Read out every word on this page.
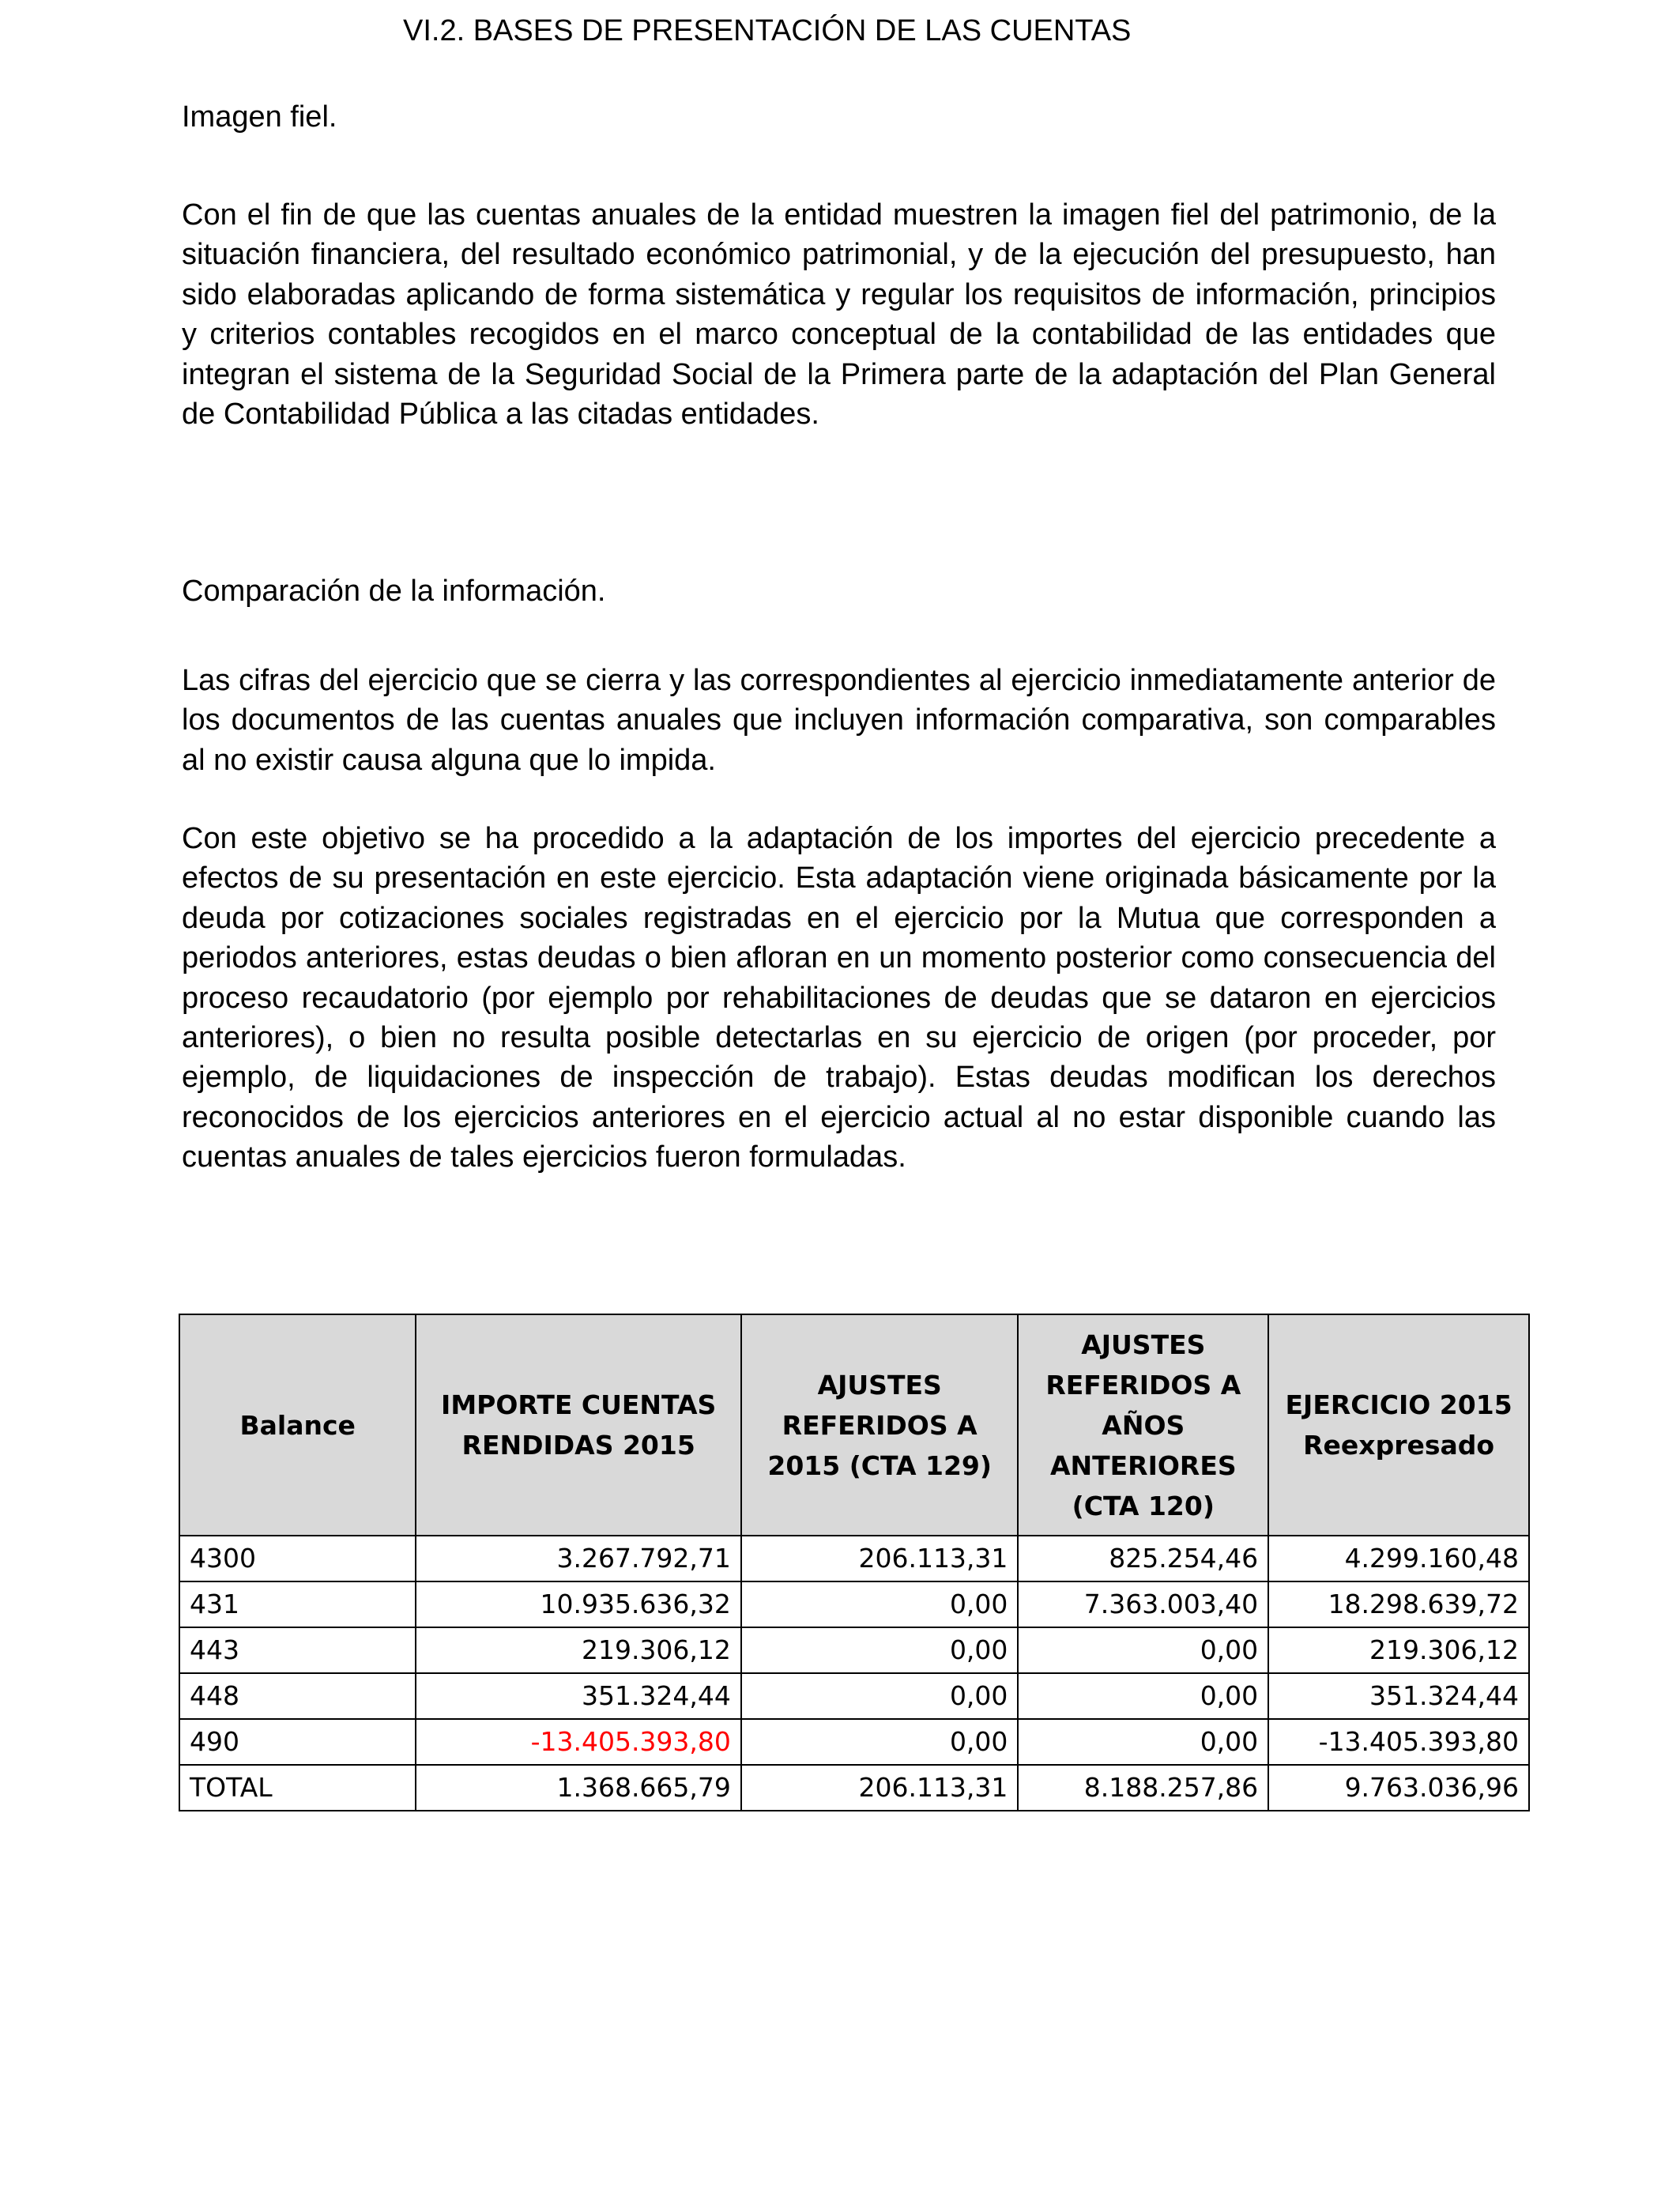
VI.2. BASES DE PRESENTACIÓN DE LAS CUENTAS
Imagen fiel.

Con el fin de que las cuentas anuales de la entidad muestren la imagen fiel del patrimonio, de la situación financiera, del resultado económico patrimonial, y de la ejecución del presupuesto, han sido elaboradas aplicando de forma sistemática y regular los requisitos de información, principios y criterios contables recogidos en el marco conceptual de la contabilidad de las entidades que integran el sistema de la Seguridad Social de la Primera parte de la adaptación del Plan General de Contabilidad Pública a las citadas entidades.

Comparación de la información.

Las cifras del ejercicio que se cierra y las correspondientes al ejercicio inmediatamente anterior de los documentos de las cuentas anuales que incluyen información comparativa, son comparables al no existir causa alguna que lo impida.

Con este objetivo se ha procedido a la adaptación de los importes del ejercicio precedente a efectos de su presentación en este ejercicio. Esta adaptación viene originada básicamente por la deuda por cotizaciones sociales registradas en el ejercicio por la Mutua que corresponden a periodos anteriores, estas deudas o bien afloran en un momento posterior como consecuencia del proceso recaudatorio (por ejemplo por rehabilitaciones de deudas que se dataron en ejercicios anteriores), o bien no resulta posible detectarlas en su ejercicio de origen (por proceder, por ejemplo, de liquidaciones de inspección de trabajo). Estas deudas modifican los derechos reconocidos de los ejercicios anteriores en el ejercicio actual al no estar disponible cuando las cuentas anuales de tales ejercicios fueron formuladas.

Balance	IMPORTE CUENTAS RENDIDAS 2015	AJUSTES REFERIDOS A 2015 (CTA 129)	AJUSTES REFERIDOS A AÑOS ANTERIORES (CTA 120)	EJERCICIO 2015 Reexpresado
4300	3.267.792,71	206.113,31	825.254,46	4.299.160,48
431	10.935.636,32	0,00	7.363.003,40	18.298.639,72
443	219.306,12	0,00	0,00	219.306,12
448	351.324,44	0,00	0,00	351.324,44
490	-13.405.393,80	0,00	0,00	-13.405.393,80
TOTAL	1.368.665,79	206.113,31	8.188.257,86	9.763.036,96
